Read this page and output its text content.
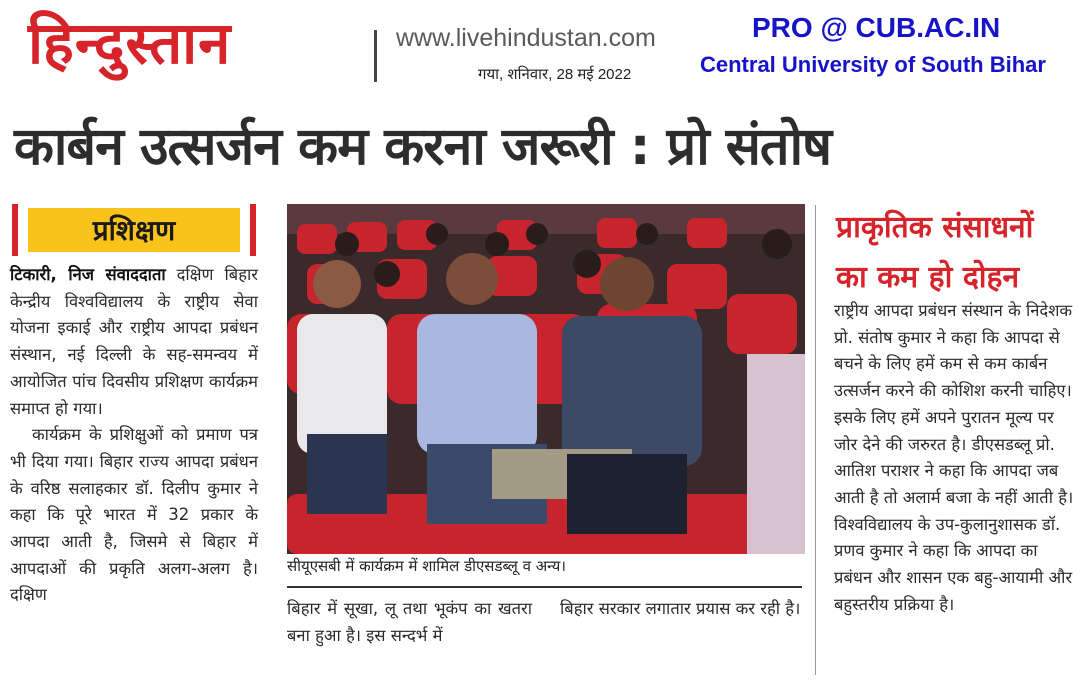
हिन्दुस्तान	www.livehindustan.com
गया, शनिवार, 28 मई 2022
PRO @ CUB.AC.IN
Central University of South Bihar
कार्बन उत्सर्जन कम करना जरूरी : प्रो संतोष
प्रशिक्षण

टिकारी, निज संवाददाता दक्षिण बिहार केन्द्रीय विश्वविद्यालय के राष्ट्रीय सेवा योजना इकाई और राष्ट्रीय आपदा प्रबंधन संस्थान, नई दिल्ली के सह-समन्वय में आयोजित पांच दिवसीय प्रशिक्षण कार्यक्रम समाप्त हो गया।

कार्यक्रम के प्रशिक्षुओं को प्रमाण पत्र भी दिया गया। बिहार राज्य आपदा प्रबंधन के वरिष्ठ सलाहकार डॉ. दिलीप कुमार ने कहा कि पूरे भारत में 32 प्रकार के आपदा आती है, जिसमे से बिहार में आपदाओं की प्रकृति अलग-अलग है। दक्षिण

सीयूएसबी में कार्यक्रम में शामिल डीएसडब्लू व अन्य।

बिहार में सूखा, लू तथा भूकंप का खतरा बना हुआ है। इस सन्दर्भ में

बिहार सरकार लगातार प्रयास कर रही है।

प्राकृतिक संसाधनों
का कम हो दोहन

राष्ट्रीय आपदा प्रबंधन संस्थान के निदेशक प्रो. संतोष कुमार ने कहा कि आपदा से बचने के लिए हमें कम से कम कार्बन उत्सर्जन करने की कोशिश करनी चाहिए। इसके लिए हमें अपने पुरातन मूल्य पर जोर देने की जरुरत है। डीएसडब्लू प्रो. आतिश पराशर ने कहा कि आपदा जब आती है तो अलार्म बजा के नहीं आती है। विश्वविद्यालय के उप-कुलानुशासक डॉ. प्रणव कुमार ने कहा कि आपदा का प्रबंधन और शासन एक बहु-आयामी और बहुस्तरीय प्रक्रिया है।
